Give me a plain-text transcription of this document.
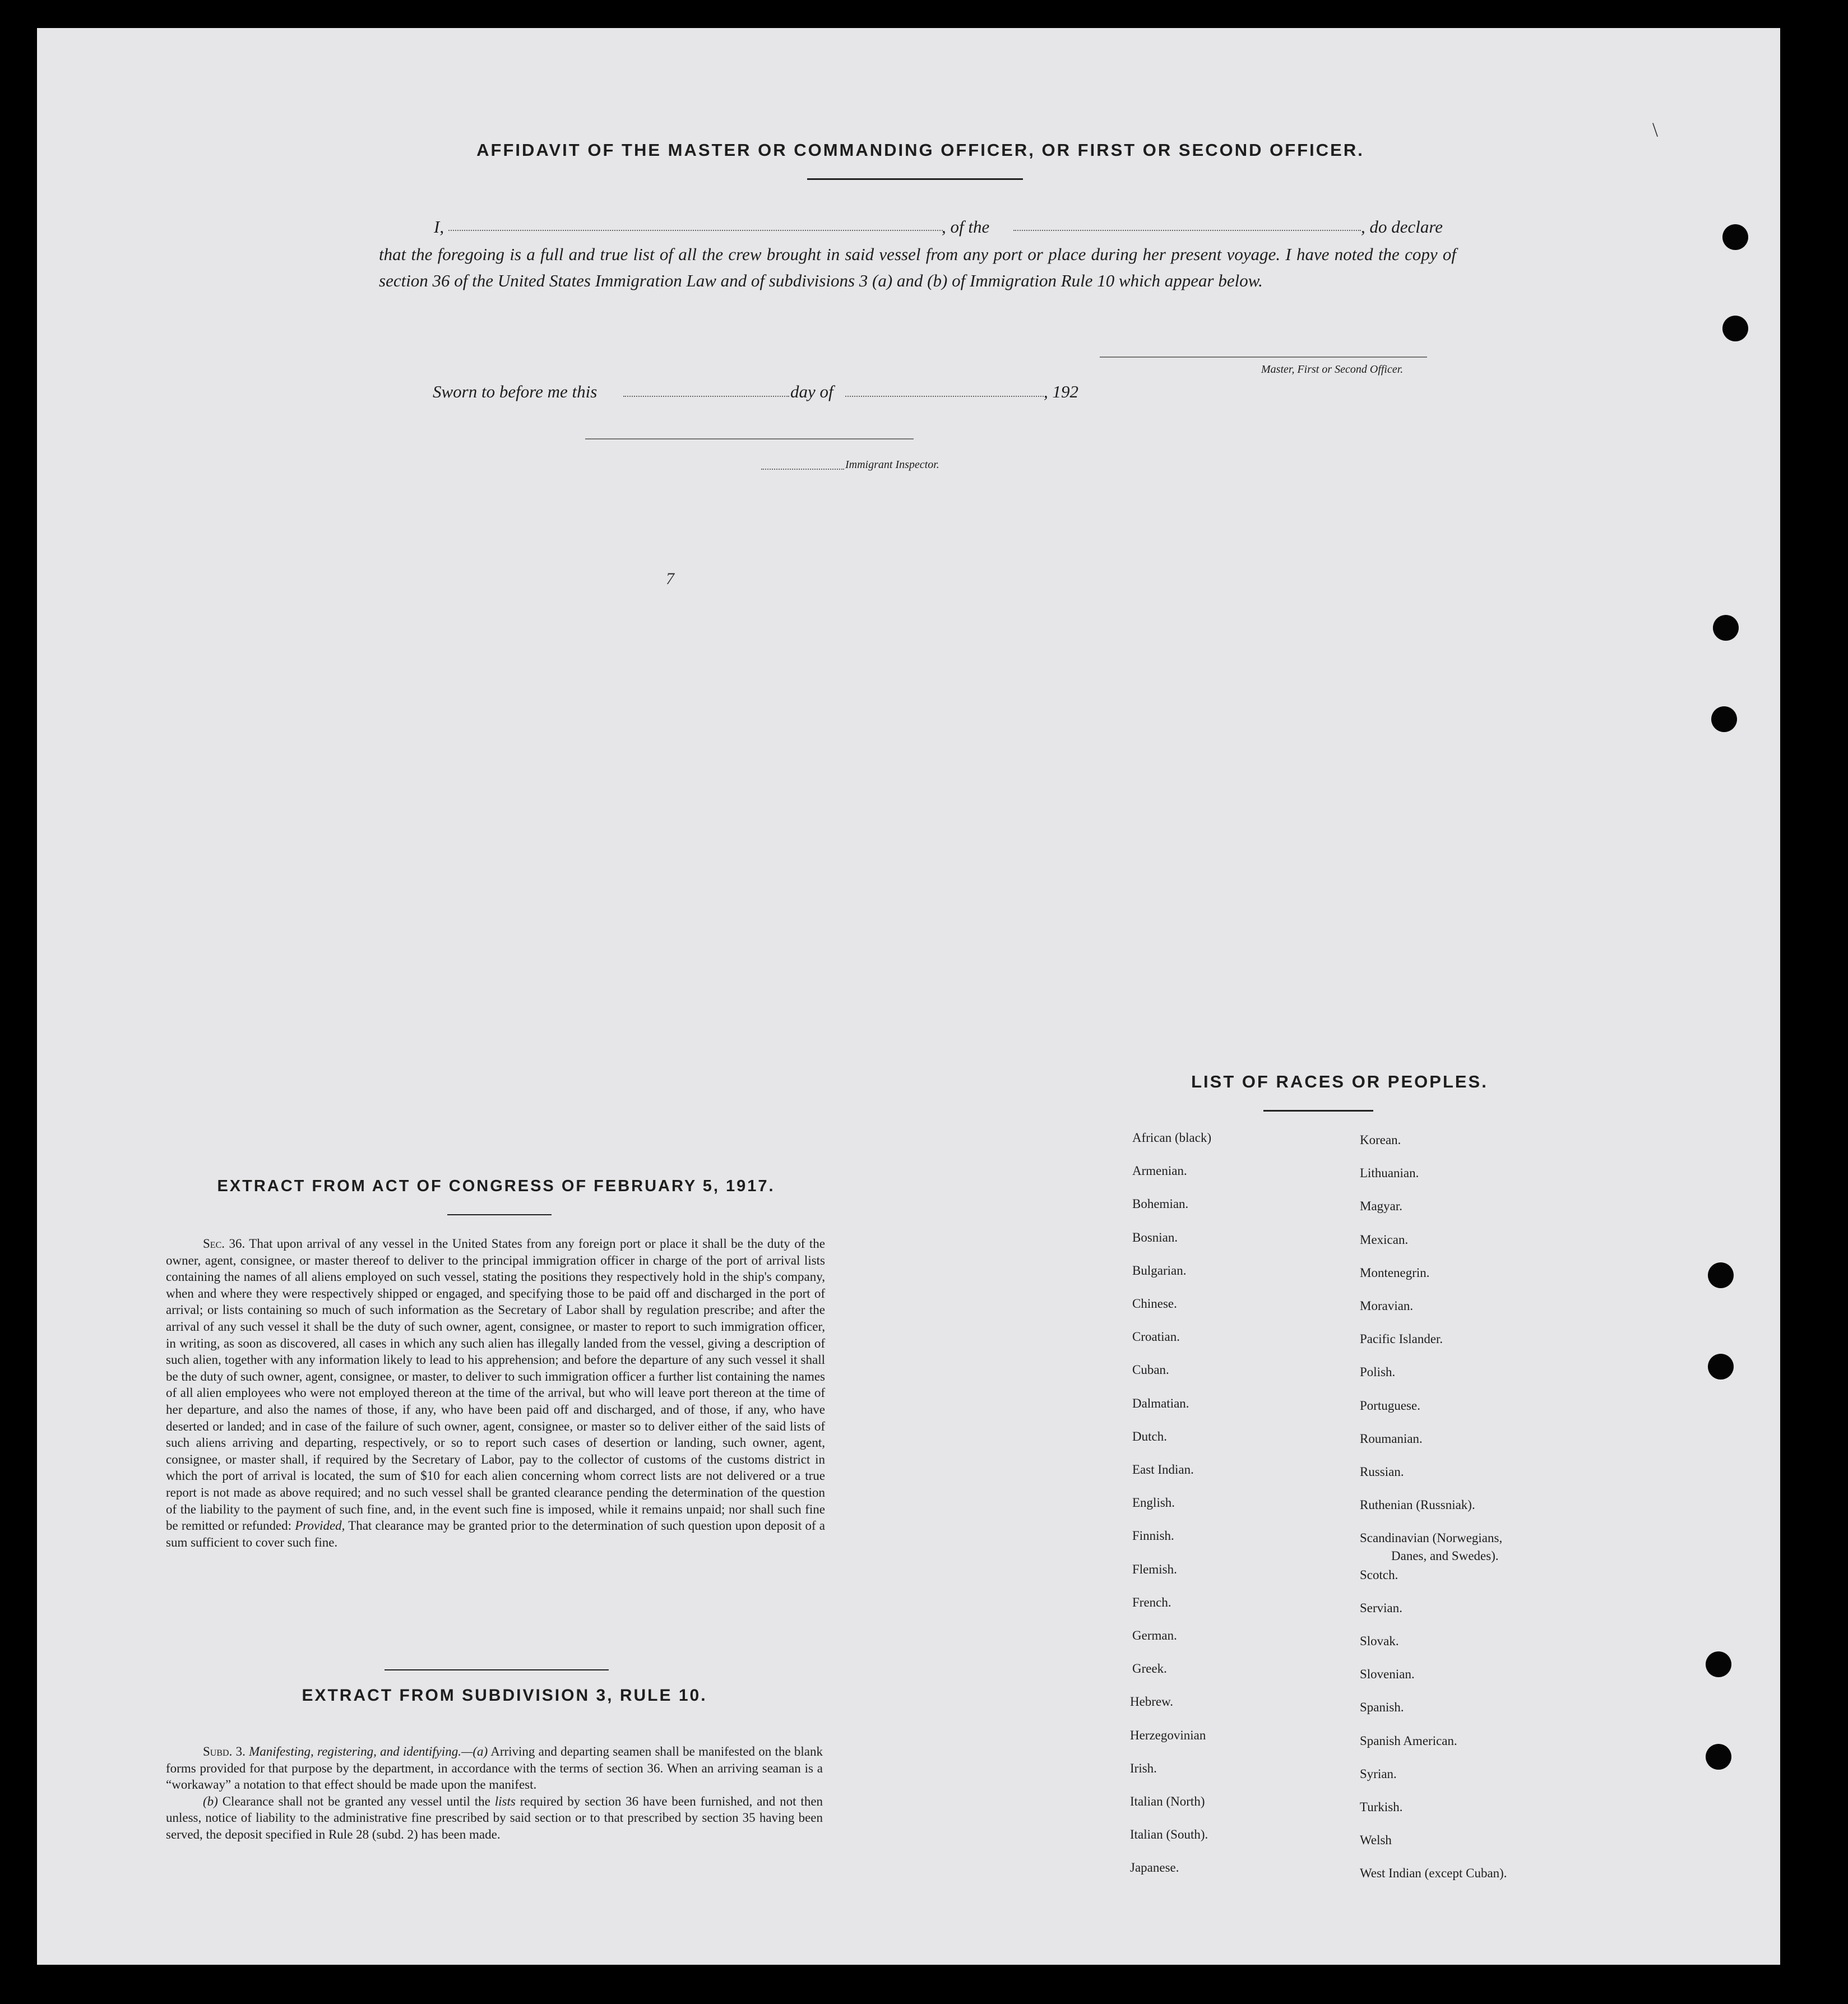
AFFIDAVIT OF THE MASTER OR COMMANDING OFFICER, OR FIRST OR SECOND OFFICER.
I,	, of the	, do declare
that the foregoing is a full and true list of all the crew brought in said vessel from any port or place during her present voyage. I have noted the copy of section 36 of the United States Immigration Law and of subdivisions 3 (a) and (b) of Immigration Rule 10 which appear below.
Master, First or Second Officer.
Sworn to before me this	day of	, 192
Immigrant Inspector.
7
EXTRACT FROM ACT OF CONGRESS OF FEBRUARY 5, 1917.

Sec. 36. That upon arrival of any vessel in the United States from any foreign port or place it shall be the duty of the owner, agent, consignee, or master thereof to deliver to the principal immigration officer in charge of the port of arrival lists containing the names of all aliens employed on such vessel, stating the positions they respectively hold in the ship's company, when and where they were respectively shipped or engaged, and specifying those to be paid off and discharged in the port of arrival; or lists containing so much of such information as the Secretary of Labor shall by regulation prescribe; and after the arrival of any such vessel it shall be the duty of such owner, agent, consignee, or master to report to such immigration officer, in writing, as soon as discovered, all cases in which any such alien has illegally landed from the vessel, giving a description of such alien, together with any information likely to lead to his apprehension; and before the departure of any such vessel it shall be the duty of such owner, agent, consignee, or master, to deliver to such immigration officer a further list containing the names of all alien employees who were not employed thereon at the time of the arrival, but who will leave port thereon at the time of her departure, and also the names of those, if any, who have been paid off and discharged, and of those, if any, who have deserted or landed; and in case of the failure of such owner, agent, consignee, or master so to deliver either of the said lists of such aliens arriving and departing, respectively, or so to report such cases of desertion or landing, such owner, agent, consignee, or master shall, if required by the Secretary of Labor, pay to the collector of customs of the customs district in which the port of arrival is located, the sum of $10 for each alien concerning whom correct lists are not delivered or a true report is not made as above required; and no such vessel shall be granted clearance pending the determination of the question of the liability to the payment of such fine, and, in the event such fine is imposed, while it remains unpaid; nor shall such fine be remitted or refunded: Provided, That clearance may be granted prior to the determination of such question upon deposit of a sum sufficient to cover such fine.

EXTRACT FROM SUBDIVISION 3, RULE 10.

Subd. 3. Manifesting, registering, and identifying.—(a) Arriving and departing seamen shall be manifested on the blank forms provided for that purpose by the department, in accordance with the terms of section 36. When an arriving seaman is a “workaway” a notation to that effect should be made upon the manifest.

(b) Clearance shall not be granted any vessel until the lists required by section 36 have been furnished, and not then unless, notice of liability to the administrative fine prescribed by said section or to that prescribed by section 35 having been served, the deposit specified in Rule 28 (subd. 2) has been made.

LIST OF RACES OR PEOPLES.
African (black)
Armenian.
Bohemian.
Bosnian.
Bulgarian.
Chinese.
Croatian.
Cuban.
Dalmatian.
Dutch.
East Indian.
English.
Finnish.
Flemish.
French.
German.
Greek.
Hebrew.
Herzegovinian
Irish.
Italian (North)
Italian (South).
Japanese.
Korean.
Lithuanian.
Magyar.
Mexican.
Montenegrin.
Moravian.
Pacific Islander.
Polish.
Portuguese.
Roumanian.
Russian.
Ruthenian (Russniak).
Scandinavian (Norwegians,
Scotch.
Servian.
Slovak.
Slovenian.
Spanish.
Spanish American.
Syrian.
Turkish.
Welsh
West Indian (except Cuban).
Danes, and Swedes).
\
